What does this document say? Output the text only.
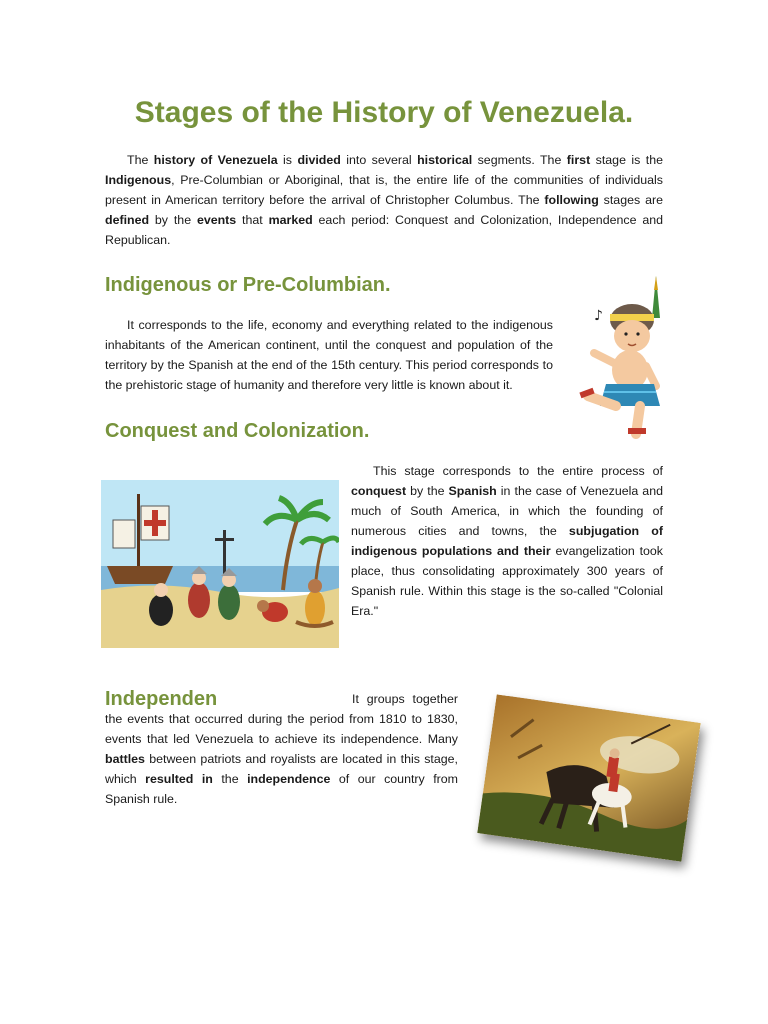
Stages of the History of Venezuela.

The history of Venezuela is divided into several historical segments. The first stage is the Indigenous, Pre-Columbian or Aboriginal, that is, the entire life of the communities of individuals present in American territory before the arrival of Christopher Columbus. The following stages are defined by the events that marked each period: Conquest and Colonization, Independence and Republican.

Indigenous or Pre-Columbian.

It corresponds to the life, economy and everything related to the indigenous inhabitants of the American continent, until the conquest and population of the territory by the Spanish at the end of the 15th century. This period corresponds to the prehistoric stage of humanity and therefore very little is known about it.

♪
Conquest and Colonization.

This stage corresponds to the entire process of conquest by the Spanish in the case of Venezuela and much of South America, in which the founding of numerous cities and towns, the subjugation of indigenous populations and their evangelization took place, thus consolidating approximately 300 years of Spanish rule. Within this stage is the so-called "Colonial Era."

Independen	It groups together the events that occurred during the period from 1810 to 1830, events that led Venezuela to achieve its independence. Many battles between patriots and royalists are located in this stage, which resulted in the independence of our country from Spanish rule.
